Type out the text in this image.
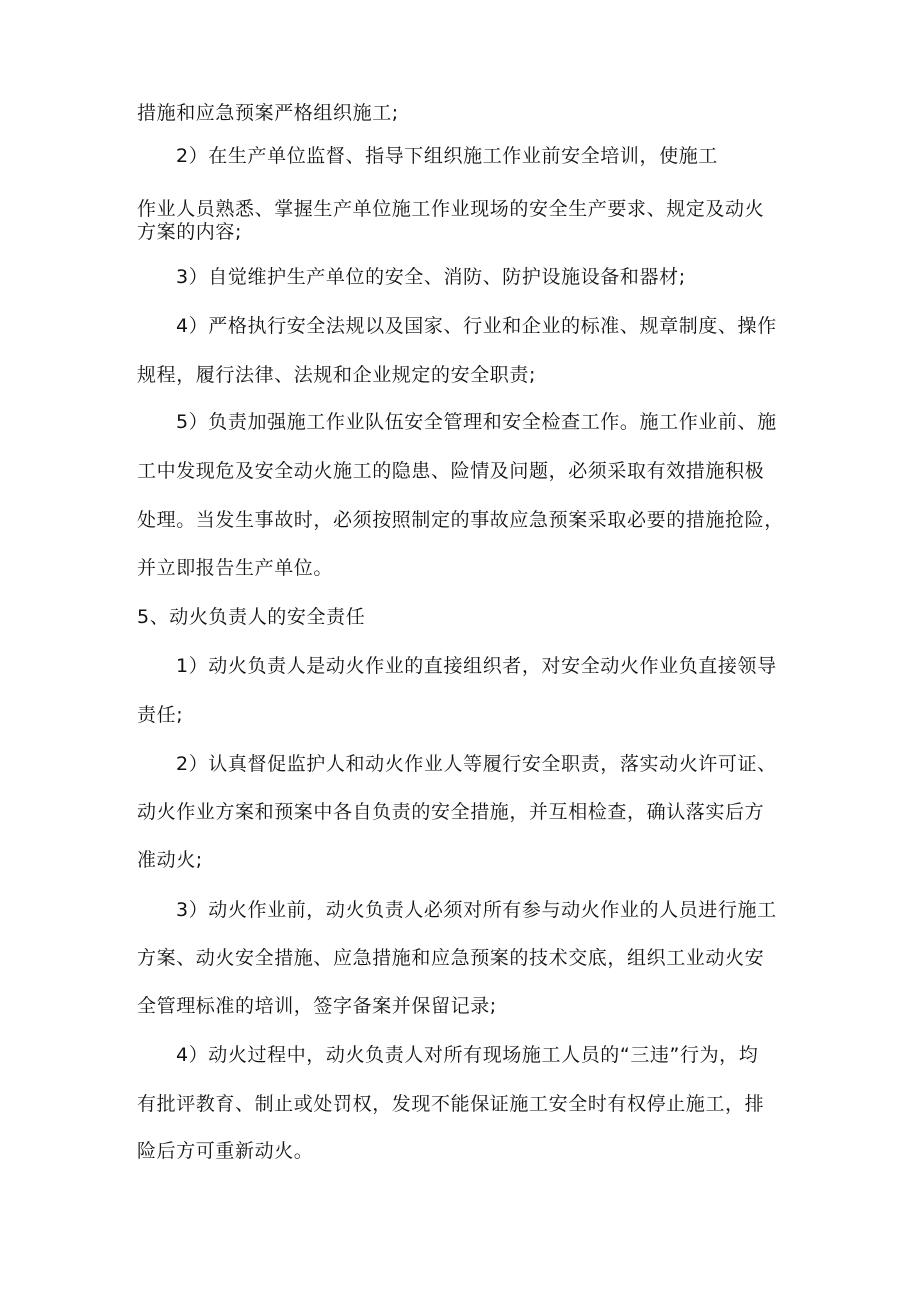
措施和应急预案严格组织施工;
2）在生产单位监督、指导下组织施工作业前安全培训，使施工
作业人员熟悉、掌握生产单位施工作业现场的安全生产要求、规定及动火
方案的内容;
3）自觉维护生产单位的安全、消防、防护设施设备和器材;
4）严格执行安全法规以及国家、行业和企业的标准、规章制度、操作
规程，履行法律、法规和企业规定的安全职责;
5）负责加强施工作业队伍安全管理和安全检查工作。施工作业前、施
工中发现危及安全动火施工的隐患、险情及问题，必须采取有效措施积极
处理。当发生事故时，必须按照制定的事故应急预案采取必要的措施抢险，
并立即报告生产单位。
5、动火负责人的安全责任
1）动火负责人是动火作业的直接组织者，对安全动火作业负直接领导
责任;
2）认真督促监护人和动火作业人等履行安全职责，落实动火许可证、
动火作业方案和预案中各自负责的安全措施，并互相检查，确认落实后方
准动火;
3）动火作业前，动火负责人必须对所有参与动火作业的人员进行施工
方案、动火安全措施、应急措施和应急预案的技术交底，组织工业动火安
全管理标准的培训，签字备案并保留记录;
4）动火过程中，动火负责人对所有现场施工人员的“三违”行为，均
有批评教育、制止或处罚权，发现不能保证施工安全时有权停止施工，排
险后方可重新动火。
